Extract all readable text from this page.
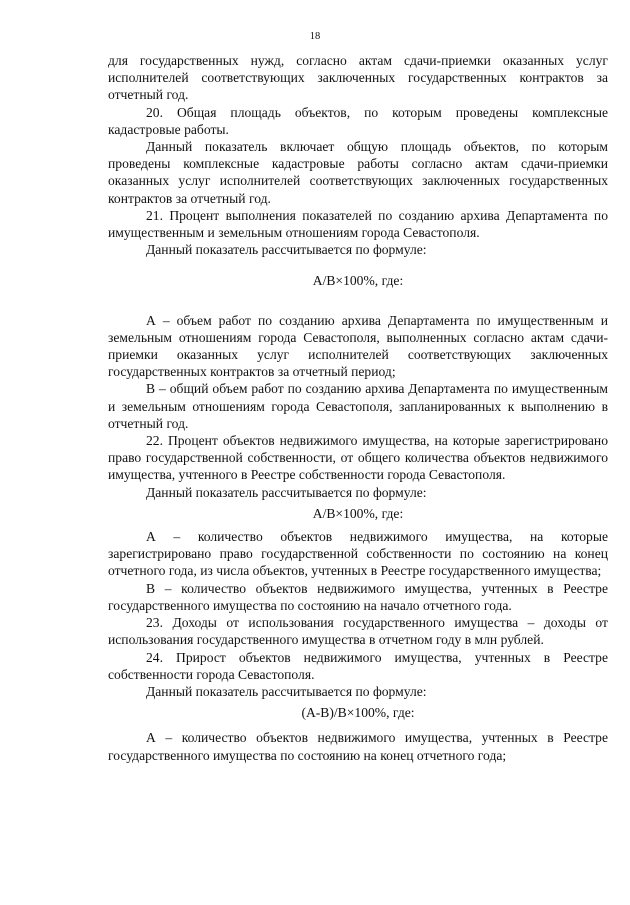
18

для государственных нужд, согласно актам сдачи-приемки оказанных услуг исполнителей соответствующих заключенных государственных контрактов за отчетный год.

20. Общая площадь объектов, по которым проведены комплексные кадастровые работы.

Данный показатель включает общую площадь объектов, по которым проведены комплексные кадастровые работы согласно актам сдачи-приемки оказанных услуг исполнителей соответствующих заключенных государственных контрактов за отчетный год.

21. Процент выполнения показателей по созданию архива Департамента по имущественным и земельным отношениям города Севастополя.

Данный показатель рассчитывается по формуле:

А/В×100%, где:

А – объем работ по созданию архива Департамента по имущественным и земельным отношениям города Севастополя, выполненных согласно актам сдачи-приемки оказанных услуг исполнителей соответствующих заключенных государственных контрактов за отчетный период;

В – общий объем работ по созданию архива Департамента по имущественным и земельным отношениям города Севастополя, запланированных к выполнению в отчетный год.

22. Процент объектов недвижимого имущества, на которые зарегистрировано право государственной собственности, от общего количества объектов недвижимого имущества, учтенного в Реестре собственности города Севастополя.

Данный показатель рассчитывается по формуле:

А/В×100%, где:

А – количество объектов недвижимого имущества, на которые зарегистрировано право государственной собственности по состоянию на конец отчетного года, из числа объектов, учтенных в Реестре государственного имущества;

В – количество объектов недвижимого имущества, учтенных в Реестре государственного имущества по состоянию на начало отчетного года.

23. Доходы от использования государственного имущества – доходы от использования государственного имущества в отчетном году в млн рублей.

24. Прирост объектов недвижимого имущества, учтенных в Реестре собственности города Севастополя.

Данный показатель рассчитывается по формуле:

(А-В)/В×100%, где:

А – количество объектов недвижимого имущества, учтенных в Реестре государственного имущества по состоянию на конец отчетного года;
